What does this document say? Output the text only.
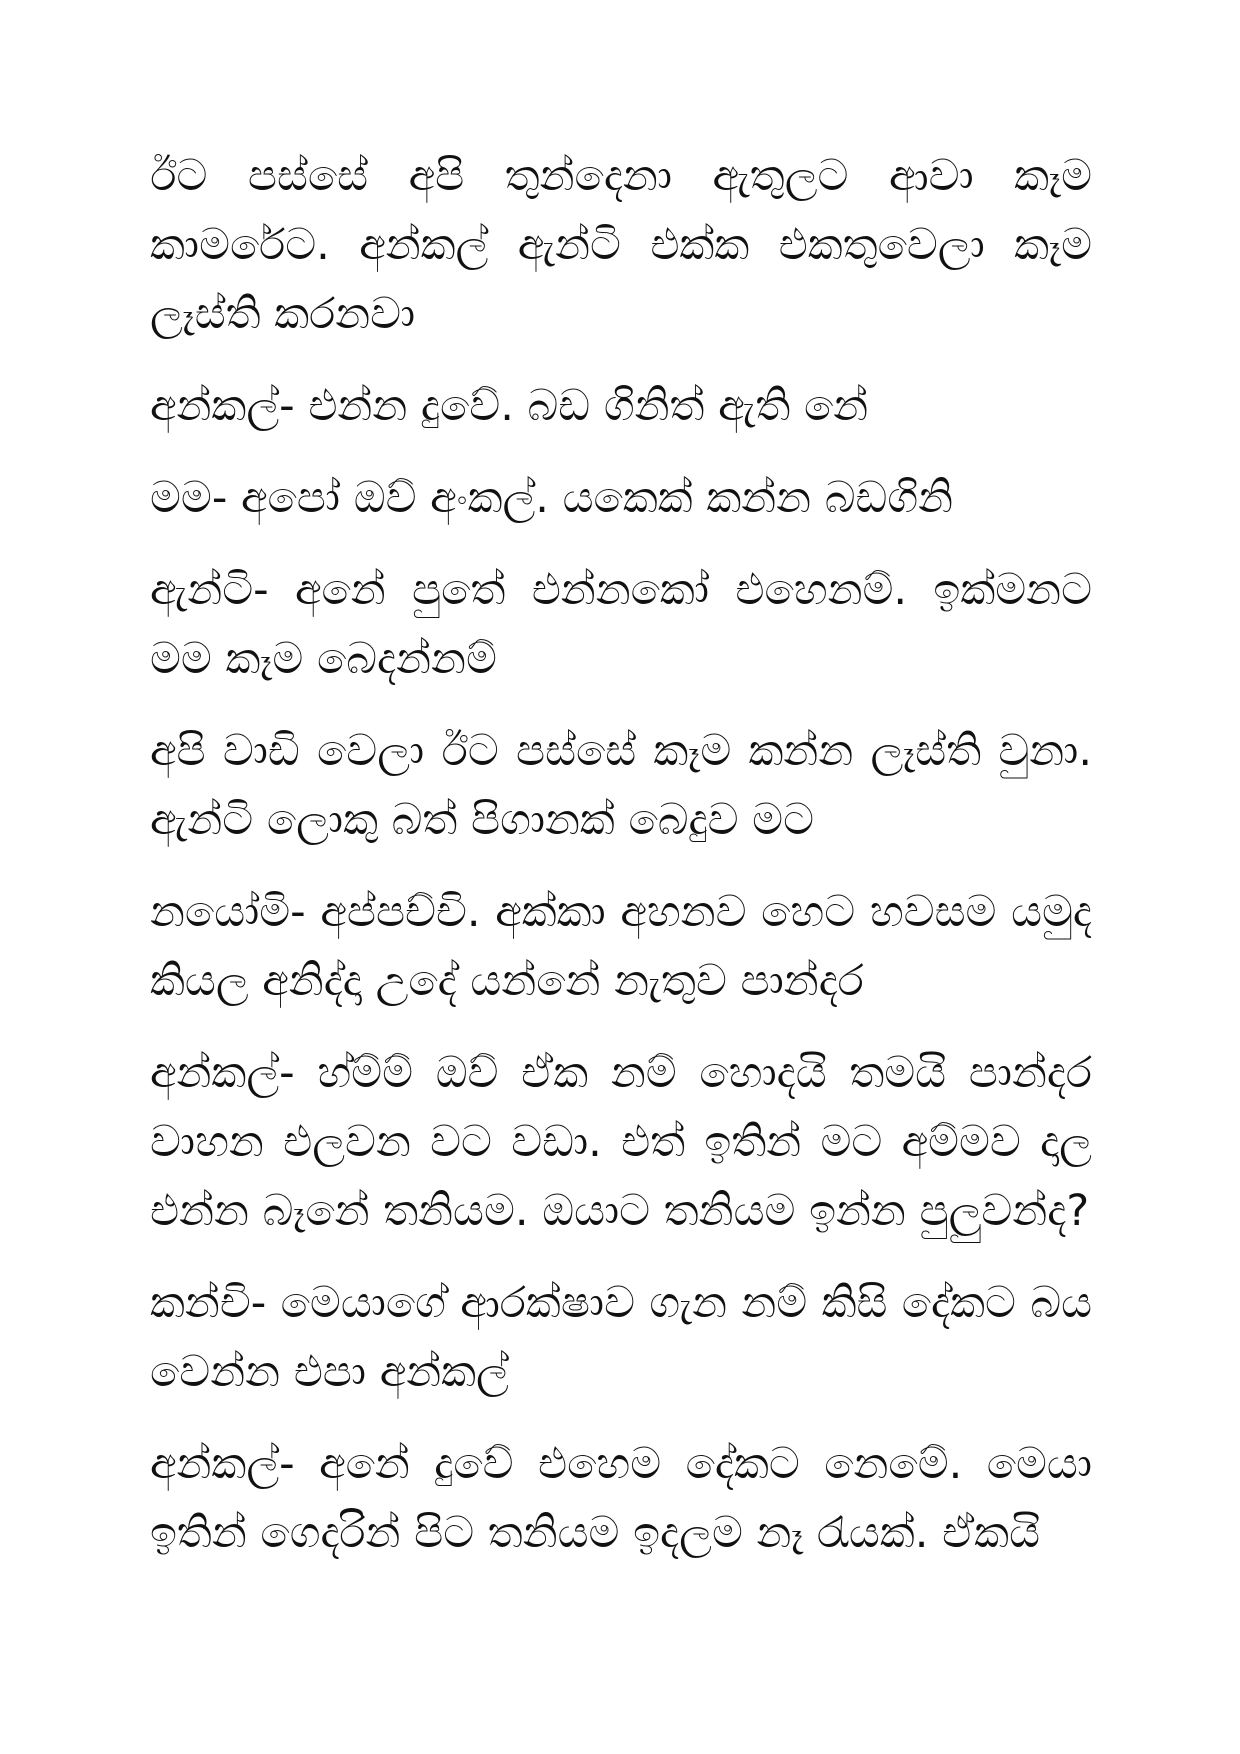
ඊට පස්සේ අපි තුන්දෙනා ඇතුලට ආවා කෑම කාමරේට. අන්කල් ඇන්ටි එක්ක එකතුවෙලා කෑම ලෑස්ති කරනවා

අන්කල්- එන්න දුවේ. බඩ ගිනිත් ඇති නේ

මම- අපෝ ඔව් අංකල්. යකෙක් කන්න බඩගිනි

ඇන්ටි- අනේ පුතේ එන්නකෝ එහෙනම්. ඉක්මනට මම කෑම බෙදන්නම්

අපි වාඩි වෙලා ඊට පස්සේ කෑම කන්න ලෑස්ති වුනා. ඇන්ටි ලොකු බත් පිගානක් බෙදුව මට

නයෝමි- අප්පච්චි. අක්කා අහනව හෙට හවසම යමුද කියල අනිද්දා උදේ යන්නේ නැතුව පාන්දර

අන්කල්- හ්ම්ම් ඔව් ඒක නම් හොදයි තමයි පාන්දර වාහන එලවන වට වඩා. එත් ඉතින් මට අම්මව දාල එන්න බෑනේ තනියම. ඔයාට තනියම ඉන්න පුලුවන්ද?

කන්චි- මෙයාගේ ආරක්ෂාව ගැන නම් කිසි දේකට බය වෙන්න එපා අන්කල්

අන්කල්- අනේ දුවේ එහෙම දේකට නෙමේ. මෙයා ඉතින් ගෙදරින් පිට තනියම ඉදලම නෑ රැයක්. ඒකයි
